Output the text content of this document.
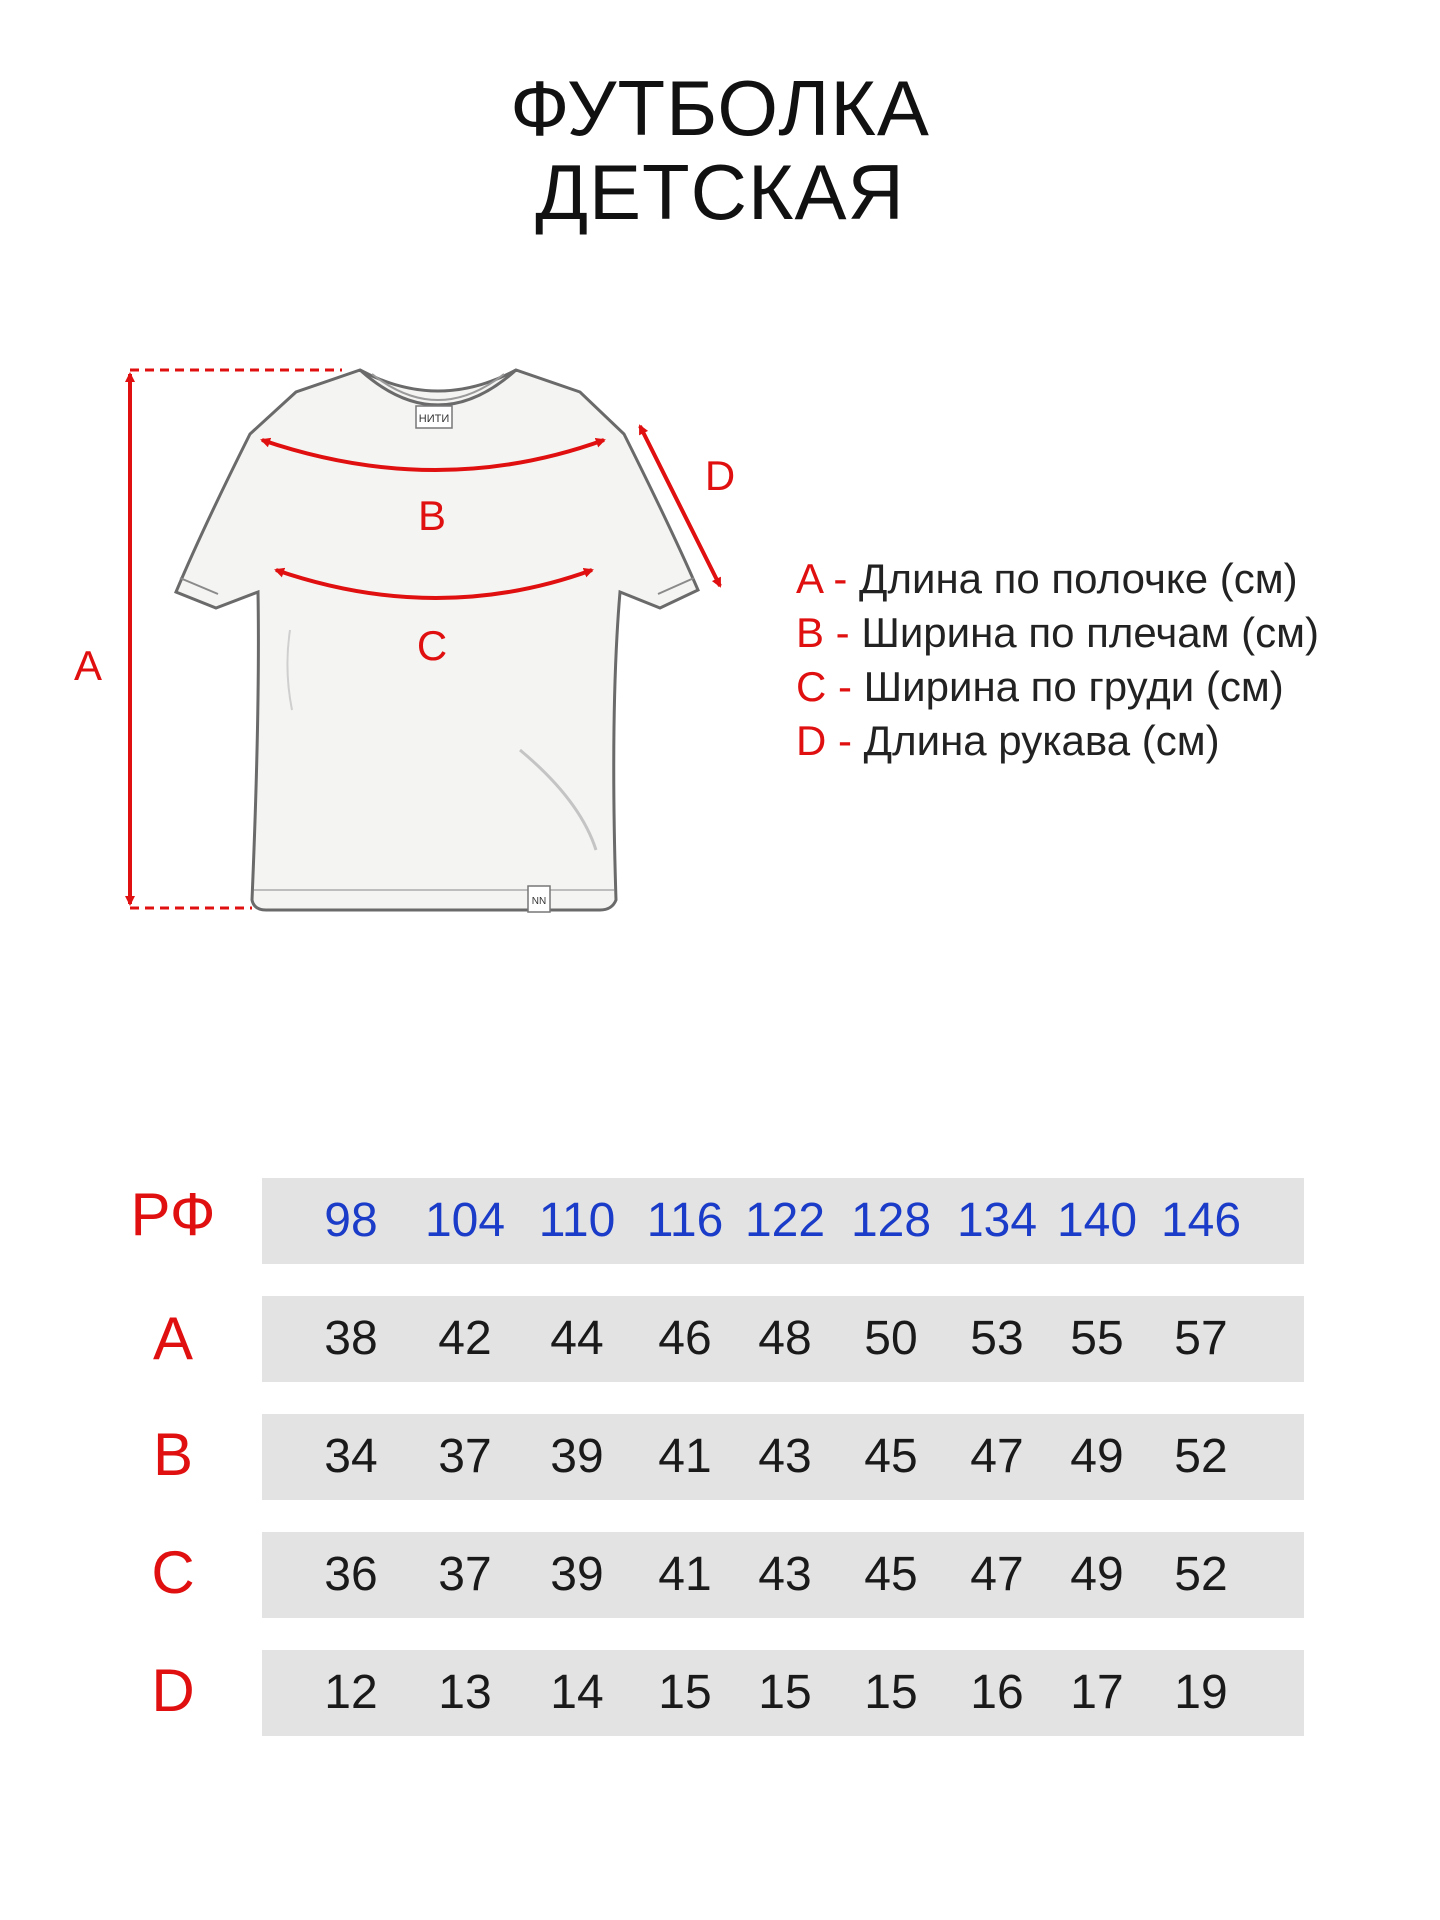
ФУТБОЛКА
ДЕТСКАЯ
НИТИ
NN
A
B
C
D
A - Длина по полочке (см)
B - Ширина по плечам (см)
C - Ширина по груди (см)
D - Длина рукава (см)
РФ	98 104 110 116 122 128 134 140 146
A	38	42	44	46 48	50	53 55	57
B	34	37	39	41 43	45	47 49	52
C	36	37	39	41 43	45	47 49	52
D	12	13	14	15 15	15	16 17	19
